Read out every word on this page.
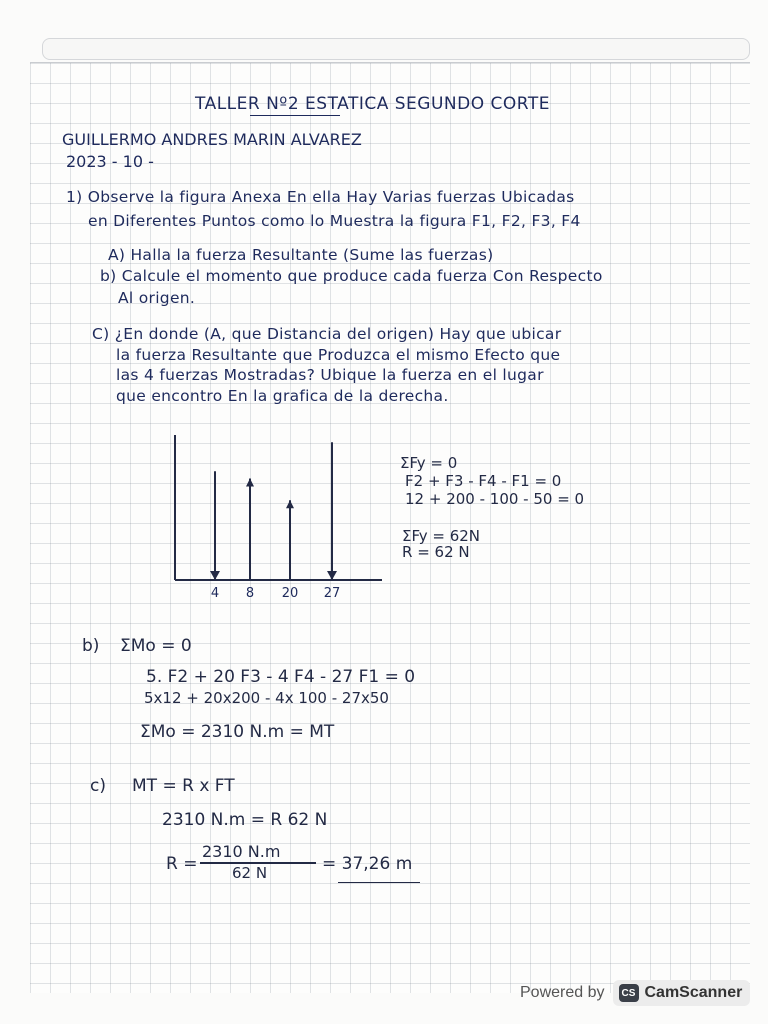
TALLER Nº2 ESTATICA SEGUNDO CORTE
GUILLERMO ANDRES MARIN ALVAREZ
2023 - 10 -
1) Observe la figura Anexa En ella Hay Varias fuerzas Ubicadas
en Diferentes Puntos como lo Muestra la figura F1, F2, F3, F4
A) Halla la fuerza Resultante (Sume las fuerzas)
b) Calcule el momento que produce cada fuerza Con Respecto
Al origen.
C) ¿En donde (A, que Distancia del origen) Hay que ubicar
la fuerza Resultante que Produzca el mismo Efecto que
las 4 fuerzas Mostradas? Ubique la fuerza en el lugar
que encontro En la grafica de la derecha.
4 8 20 27
ΣFy = 0
F2 + F3 - F4 - F1 = 0
12 + 200 - 100 - 50 = 0
ΣFy = 62N
R = 62 N
b) ΣMo = 0
5. F2 + 20 F3 - 4 F4 - 27 F1 = 0
5x12 + 20x200 - 4x 100 - 27x50
ΣMo = 2310 N.m = MT
c) MT = R x FT
2310 N.m = R 62 N
R =
2310 N.m
62 N	= 37,26 m
Powered by	CS CamScanner
